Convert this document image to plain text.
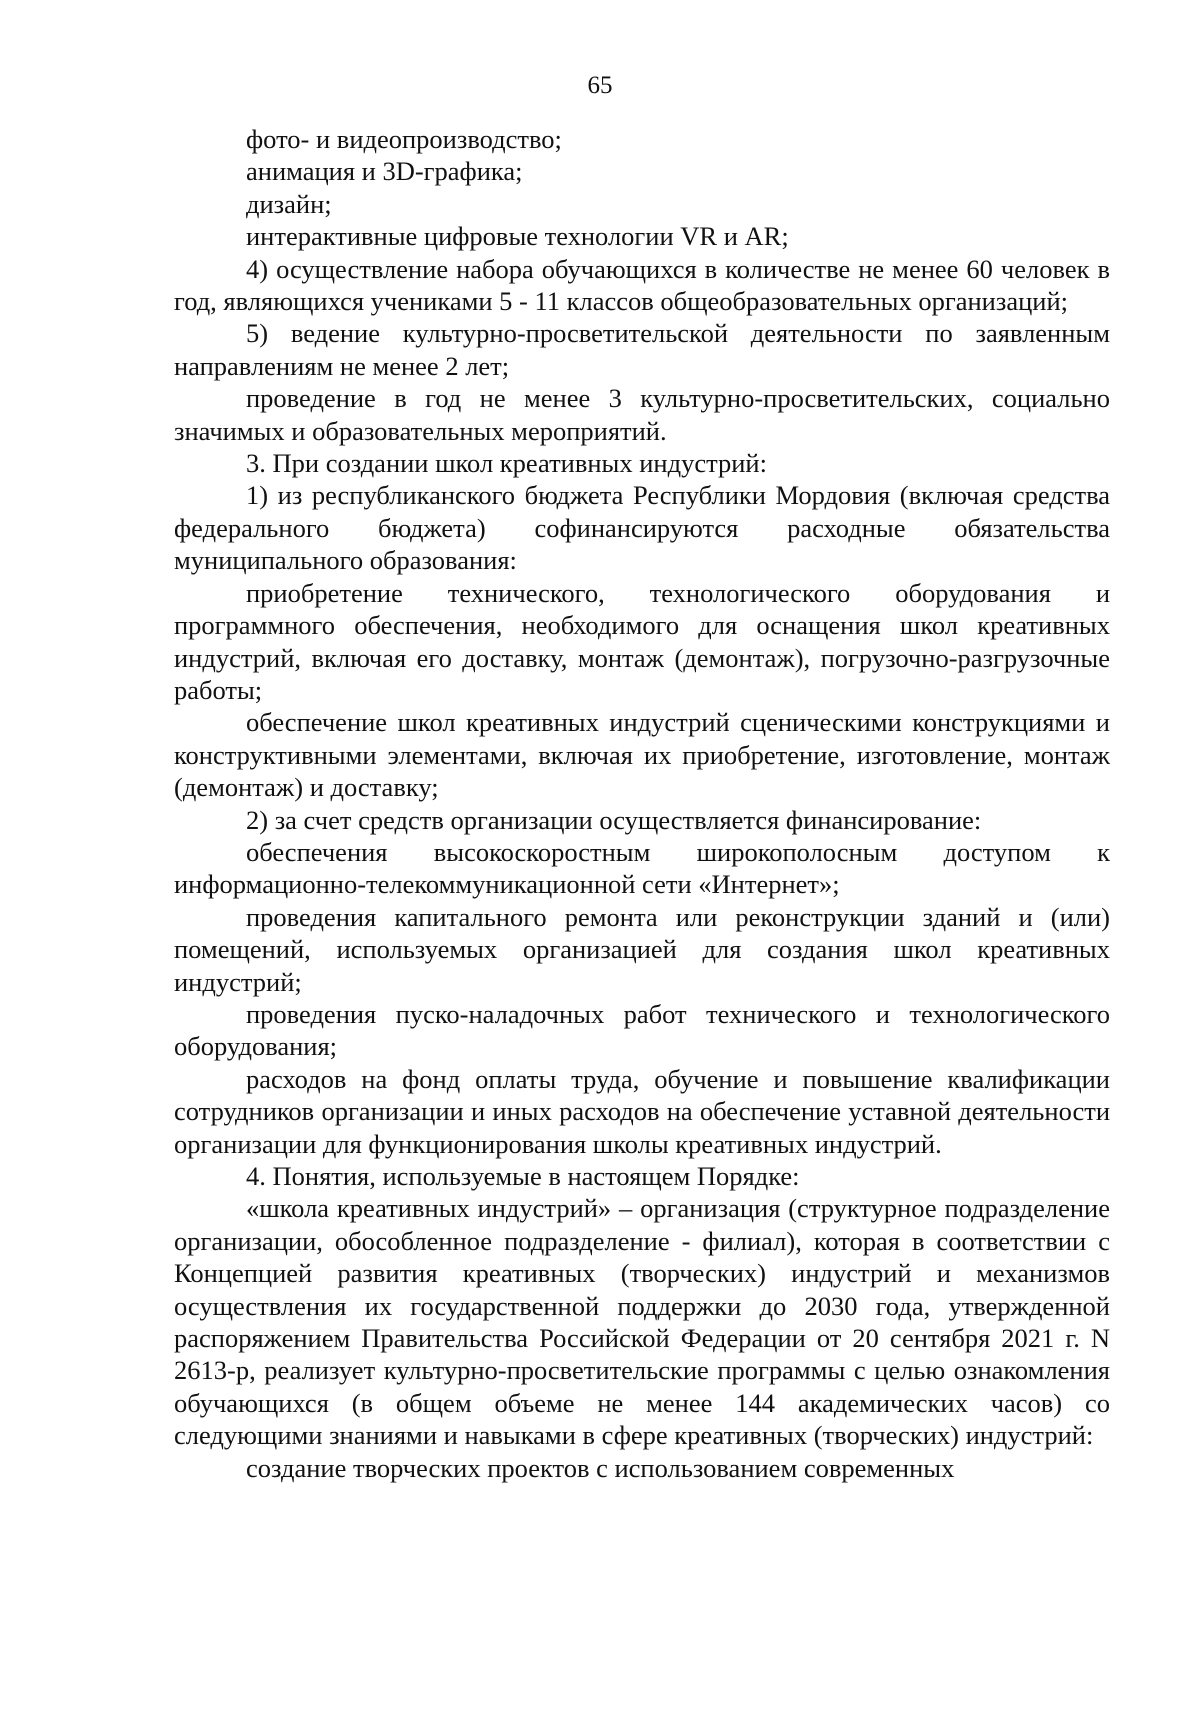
65

фото- и видеопроизводство;

анимация и 3D-графика;

дизайн;

интерактивные цифровые технологии VR и AR;

4) осуществление набора обучающихся в количестве не менее 60 человек в год, являющихся учениками 5 - 11 классов общеобразовательных организаций;

5) ведение культурно-просветительской деятельности по заявленным направлениям не менее 2 лет;

проведение в год не менее 3 культурно-просветительских, социально значимых и образовательных мероприятий.

3. При создании школ креативных индустрий:

1) из республиканского бюджета Республики Мордовия (включая средства федерального бюджета) софинансируются расходные обязательства муниципального образования:

приобретение технического, технологического оборудования и программного обеспечения, необходимого для оснащения школ креативных индустрий, включая его доставку, монтаж (демонтаж), погрузочно-разгрузочные работы;

обеспечение школ креативных индустрий сценическими конструкциями и конструктивными элементами, включая их приобретение, изготовление, монтаж (демонтаж) и доставку;

2) за счет средств организации осуществляется финансирование:

обеспечения высокоскоростным широкополосным доступом к информационно-телекоммуникационной сети «Интернет»;

проведения капитального ремонта или реконструкции зданий и (или) помещений, используемых организацией для создания школ креативных индустрий;

проведения пуско-наладочных работ технического и технологического оборудования;

расходов на фонд оплаты труда, обучение и повышение квалификации сотрудников организации и иных расходов на обеспечение уставной деятельности организации для функционирования школы креативных индустрий.

4. Понятия, используемые в настоящем Порядке:

«школа креативных индустрий» – организация (структурное подразделение организации, обособленное подразделение - филиал), которая в соответствии с Концепцией развития креативных (творческих) индустрий и механизмов осуществления их государственной поддержки до 2030 года, утвержденной распоряжением Правительства Российской Федерации от 20 сентября 2021 г. N 2613-р, реализует культурно-просветительские программы с целью ознакомления обучающихся (в общем объеме не менее 144 академических часов) со следующими знаниями и навыками в сфере креативных (творческих) индустрий:

создание творческих проектов с использованием современных
